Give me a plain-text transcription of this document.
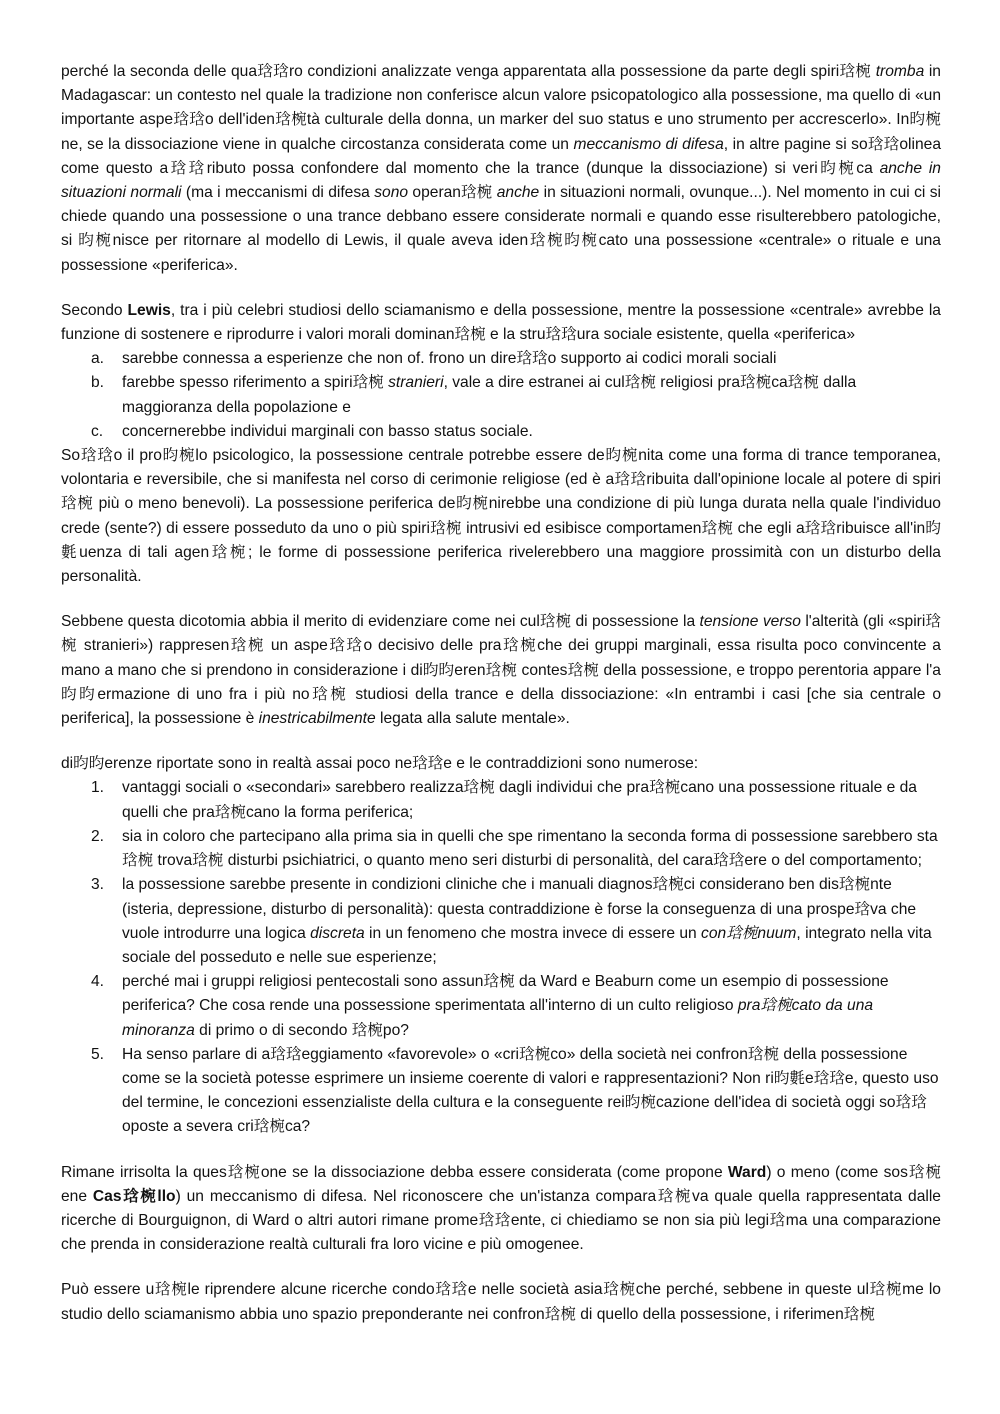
perché la seconda delle qua琀琀ro condizioni analizzate venga apparentata alla possessione da parte degli spiri琀椀 tromba in Madagascar: un contesto nel quale la tradizione non conferisce alcun valore psicopatologico alla possessione, ma quello di «un importante aspe琀琀o dell'iden琀椀tà culturale della donna, un marker del suo status e uno strumento per accrescerlo». In昀椀ne, se la dissociazione viene in qualche circostanza considerata come un meccanismo di difesa, in altre pagine si so琀琀olinea come questo a琀琀ributo possa confondere dal momento che la trance (dunque la dissociazione) si veri昀椀ca anche in situazioni normali (ma i meccanismi di difesa sono operan琀椀 anche in situazioni normali, ovunque...). Nel momento in cui ci si chiede quando una possessione o una trance debbano essere considerate normali e quando esse risulterebbero patologiche, si 昀椀nisce per ritornare al modello di Lewis, il quale aveva iden琀椀昀椀cato una possessione «centrale» o rituale e una possessione «periferica».

Secondo Lewis, tra i più celebri studiosi dello sciamanismo e della possessione, mentre la possessione «centrale» avrebbe la funzione di sostenere e riprodurre i valori morali dominan琀椀 e la stru琀琀ura sociale esistente, quella «periferica»

a. sarebbe connessa a esperienze che non of. frono un dire琀琀o supporto ai codici morali sociali
b. farebbe spesso riferimento a spiri琀椀 stranieri, vale a dire estranei ai cul琀椀 religiosi pra琀椀ca琀椀 dalla maggioranza della popolazione e
c. concernerebbe individui marginali con basso status sociale.

So琀琀o il pro昀椀lo psicologico, la possessione centrale potrebbe essere de昀椀nita come una forma di trance temporanea, volontaria e reversibile, che si manifesta nel corso di cerimonie religiose (ed è a琀琀ribuita dall'opinione locale al potere di spiri琀椀 più o meno benevoli). La possessione periferica de昀椀nirebbe una condizione di più lunga durata nella quale l'individuo crede (sente?) di essere posseduto da uno o più spiri琀椀 intrusivi ed esibisce comportamen琀椀 che egli a琀琀ribuisce all'in昀氀uenza di tali agen琀椀; le forme di possessione periferica rivelerebbero una maggiore prossimità con un disturbo della personalità.

Sebbene questa dicotomia abbia il merito di evidenziare come nei cul琀椀 di possessione la tensione verso l'alterità (gli «spiri琀椀 stranieri») rappresen琀椀 un aspe琀琀o decisivo delle pra琀椀che dei gruppi marginali, essa risulta poco convincente a mano a mano che si prendono in considerazione i di昀昀eren琀椀 contes琀椀 della possessione, e troppo perentoria appare l'a昀昀ermazione di uno fra i più no琀椀 studiosi della trance e della dissociazione: «In entrambi i casi [che sia centrale o periferica], la possessione è inestricabilmente legata alla salute mentale».

di昀昀erenze riportate sono in realtà assai poco ne琀琀e e le contraddizioni sono numerose:

1. vantaggi sociali o «secondari» sarebbero realizza琀椀 dagli individui che pra琀椀cano una possessione rituale e da quelli che pra琀椀cano la forma periferica;
2. sia in coloro che partecipano alla prima sia in quelli che spe rimentano la seconda forma di possessione sarebbero sta琀椀 trova琀椀 disturbi psichiatrici, o quanto meno seri disturbi di personalità, del cara琀琀ere o del comportamento;
3. la possessione sarebbe presente in condizioni cliniche che i manuali diagnos琀椀ci considerano ben dis琀椀nte (isteria, depressione, disturbo di personalità): questa contraddizione è forse la conseguenza di una prospe琀va che vuole introdurre una logica discreta in un fenomeno che mostra invece di essere un con琀椀nuum, integrato nella vita sociale del posseduto e nelle sue esperienze;
4. perché mai i gruppi religiosi pentecostali sono assun琀椀 da Ward e Beaburn come un esempio di possessione periferica? Che cosa rende una possessione sperimentata all'interno di un culto religioso pra琀椀cato da una minoranza di primo o di secondo 琀椀po?
5. Ha senso parlare di a琀琀eggiamento «favorevole» o «cri琀椀co» della società nei confron琀椀 della possessione come se la società potesse esprimere un insieme coerente di valori e rappresentazioni? Non ri昀氀e琀琀e, questo uso del termine, le concezioni essenzialiste della cultura e la conseguente rei昀椀cazione dell'idea di società oggi so琀琀oposte a severa cri琀椀ca?

Rimane irrisolta la ques琀椀one se la dissociazione debba essere considerata (come propone Ward) o meno (come sos琀椀ene Cas琀椀llo) un meccanismo di difesa. Nel riconoscere che un'istanza compara琀椀va quale quella rappresentata dalle ricerche di Bourguignon, di Ward o altri autori rimane prome琀琀ente, ci chiediamo se non sia più legi琀ma una comparazione che prenda in considerazione realtà culturali fra loro vicine e più omogenee.

Può essere u琀椀le riprendere alcune ricerche condo琀琀e nelle società asia琀椀che perché, sebbene in queste ul琀椀me lo studio dello sciamanismo abbia uno spazio preponderante nei confron琀椀 di quello della possessione, i riferimen琀椀
